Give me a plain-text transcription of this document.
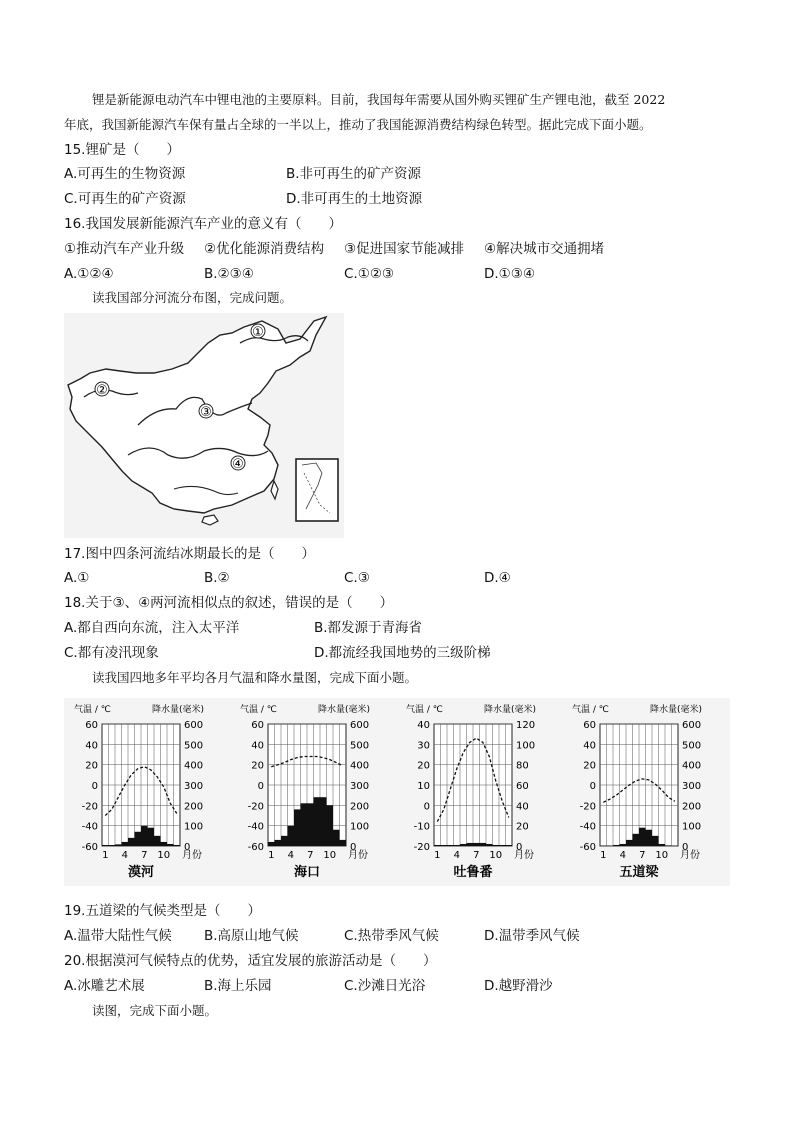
锂是新能源电动汽车中锂电池的主要原料。目前，我国每年需要从国外购买锂矿生产锂电池，截至 2022
年底，我国新能源汽车保有量占全球的一半以上，推动了我国能源消费结构绿色转型。据此完成下面小题。
15.锂矿是（　　）
A.可再生的生物资源	B.非可再生的矿产资源
C.可再生的矿产资源	D.非可再生的土地资源
16.我国发展新能源汽车产业的意义有（　　）
①推动汽车产业升级 ②优化能源消费结构 ③促进国家节能减排 ④解决城市交通拥堵
A.①②④	B.②③④	C.①②③	D.①③④
读我国部分河流分布图，完成问题。
①
②
③
④
17.图中四条河流结冰期最长的是（　　）
A.①	B.②	C.③	D.④
18.关于③、④两河流相似点的叙述，错误的是（　　）
A.都自西向东流，注入太平洋	B.都发源于青海省
C.都有凌汛现象	D.都流经我国地势的三级阶梯
读我国四地多年平均各月气温和降水量图，完成下面小题。
气温 / ℃	降水量(毫米)
60	600
40	500
20	400
0	300
-20	200
-40	100
-60	0
1 4 7 10 月份
漠河
气温 / ℃	降水量(毫米)
60	600
40	500
20	400
0	300
-20	200
-40	100
-60	0
1 4 7 10 月份
海口
气温 / ℃	降水量(毫米)
40	120
30	100
20	80
10	60
0	40
-10	20
-20	0
1 4 7 10 月份
吐鲁番
气温 / ℃	降水量(毫米)
60	600
40	500
20	400
0	300
-20	200
-40	100
-60	0
1 4 7 10 月份
五道梁
19.五道梁的气候类型是（　　）
A.温带大陆性气候 B.高原山地气候	C.热带季风气候	D.温带季风气候
20.根据漠河气候特点的优势，适宜发展的旅游活动是（　　）
A.冰雕艺术展	B.海上乐园	C.沙滩日光浴	D.越野滑沙
读图，完成下面小题。
